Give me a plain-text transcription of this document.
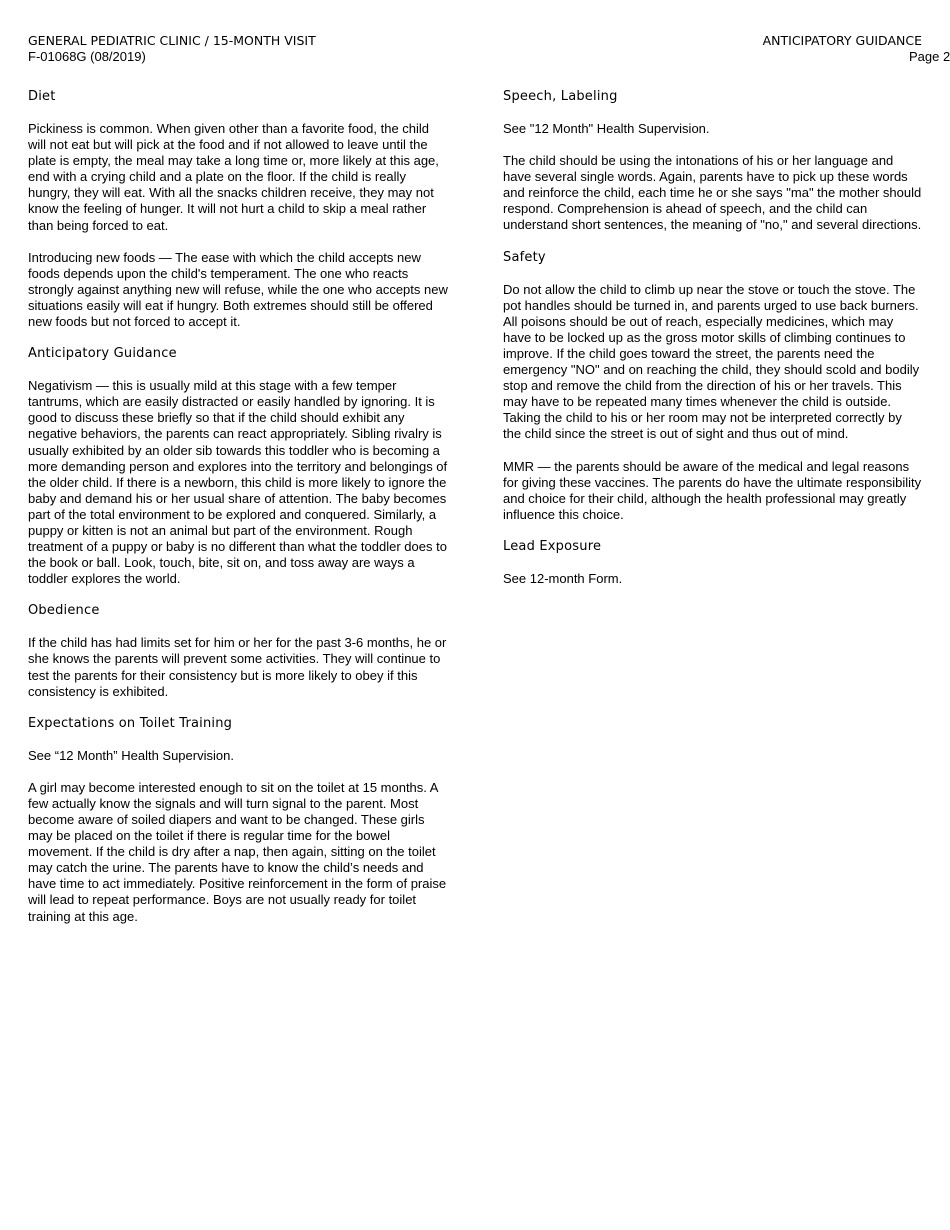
GENERAL PEDIATRIC CLINIC / 15-MONTH VISIT
F-01068G (08/2019)
ANTICIPATORY GUIDANCE
Page 2
Diet

Pickiness is common. When given other than a favorite food, the child will not eat but will pick at the food and if not allowed to leave until the plate is empty, the meal may take a long time or, more likely at this age, end with a crying child and a plate on the floor. If the child is really hungry, they will eat. With all the snacks children receive, they may not know the feeling of hunger. It will not hurt a child to skip a meal rather than being forced to eat.

Introducing new foods — The ease with which the child accepts new foods depends upon the child's temperament. The one who reacts strongly against anything new will refuse, while the one who accepts new situations easily will eat if hungry. Both extremes should still be offered new foods but not forced to accept it.

Anticipatory Guidance

Negativism — this is usually mild at this stage with a few temper tantrums, which are easily distracted or easily handled by ignoring. It is good to discuss these briefly so that if the child should exhibit any negative behaviors, the parents can react appropriately. Sibling rivalry is usually exhibited by an older sib towards this toddler who is becoming a more demanding person and explores into the territory and belongings of the older child. If there is a newborn, this child is more likely to ignore the baby and demand his or her usual share of attention. The baby becomes part of the total environment to be explored and conquered. Similarly, a puppy or kitten is not an animal but part of the environment. Rough treatment of a puppy or baby is no different than what the toddler does to the book or ball. Look, touch, bite, sit on, and toss away are ways a toddler explores the world.

Obedience

If the child has had limits set for him or her for the past 3-6 months, he or she knows the parents will prevent some activities. They will continue to test the parents for their consistency but is more likely to obey if this consistency is exhibited.

Expectations on Toilet Training

See “12 Month” Health Supervision.

A girl may become interested enough to sit on the toilet at 15 months. A few actually know the signals and will turn signal to the parent. Most become aware of soiled diapers and want to be changed. These girls may be placed on the toilet if there is regular time for the bowel movement. If the child is dry after a nap, then again, sitting on the toilet may catch the urine. The parents have to know the child’s needs and have time to act immediately. Positive reinforcement in the form of praise will lead to repeat performance. Boys are not usually ready for toilet training at this age.

Speech, Labeling

See "12 Month" Health Supervision.

The child should be using the intonations of his or her language and have several single words. Again, parents have to pick up these words and reinforce the child, each time he or she says "ma" the mother should respond. Comprehension is ahead of speech, and the child can understand short sentences, the meaning of "no," and several directions.

Safety

Do not allow the child to climb up near the stove or touch the stove. The pot handles should be turned in, and parents urged to use back burners. All poisons should be out of reach, especially medicines, which may have to be locked up as the gross motor skills of climbing continues to improve. If the child goes toward the street, the parents need the emergency "NO" and on reaching the child, they should scold and bodily stop and remove the child from the direction of his or her travels. This may have to be repeated many times whenever the child is outside. Taking the child to his or her room may not be interpreted correctly by the child since the street is out of sight and thus out of mind.

MMR — the parents should be aware of the medical and legal reasons for giving these vaccines. The parents do have the ultimate responsibility and choice for their child, although the health professional may greatly influence this choice.

Lead Exposure

See 12-month Form.
